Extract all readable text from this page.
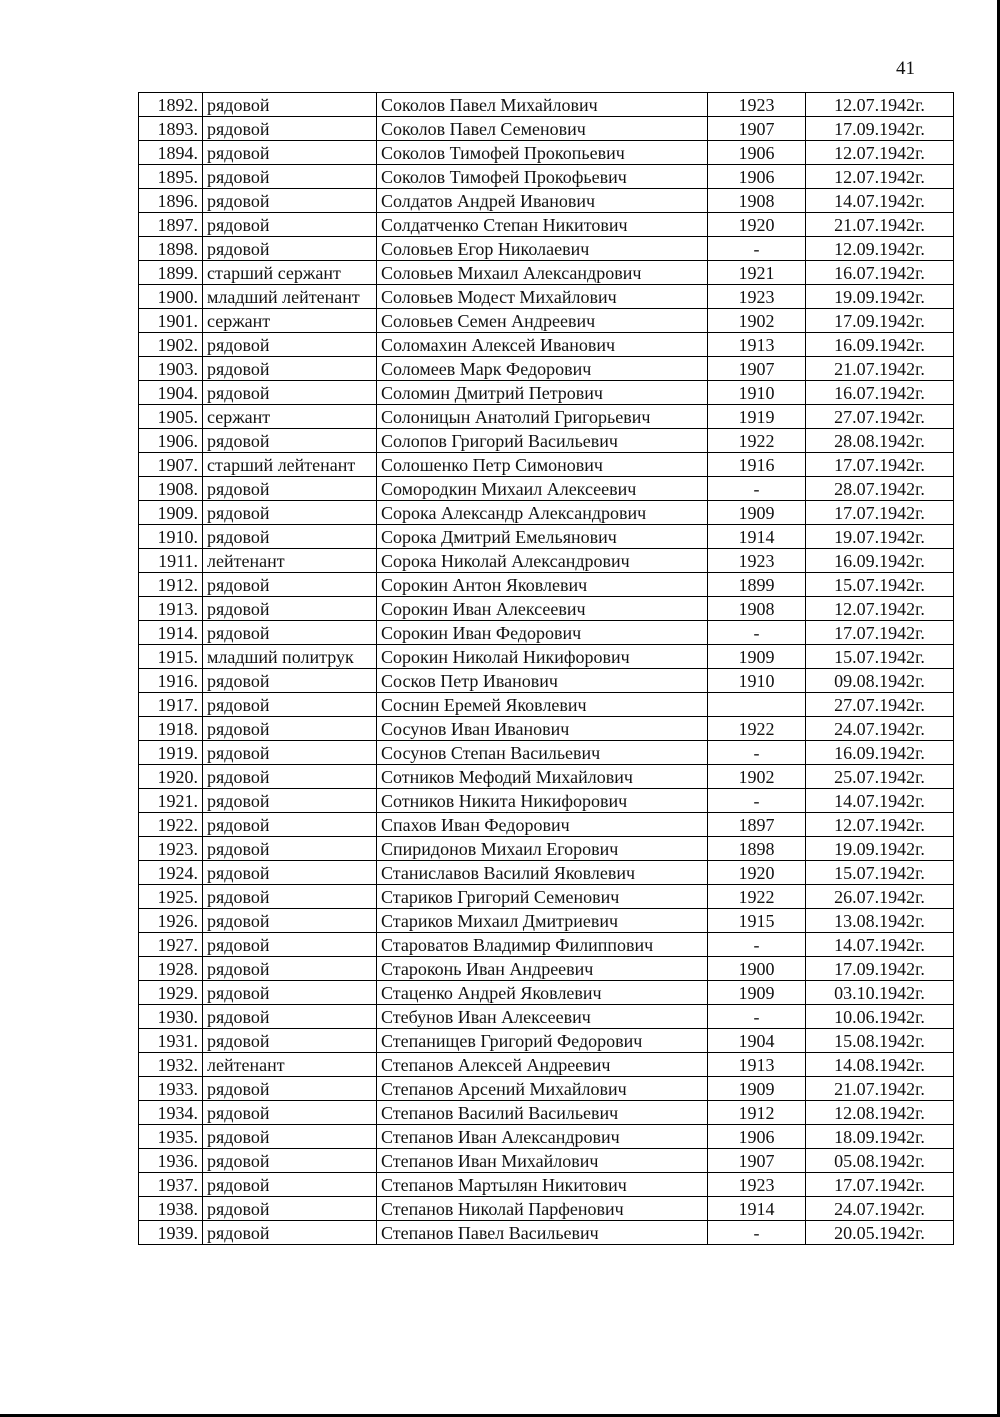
41
1892.	рядовой	Соколов Павел Михайлович	1923	12.07.1942г.
1893.	рядовой	Соколов Павел Семенович	1907	17.09.1942г.
1894.	рядовой	Соколов Тимофей Прокопьевич	1906	12.07.1942г.
1895.	рядовой	Соколов Тимофей Прокофьевич	1906	12.07.1942г.
1896.	рядовой	Солдатов Андрей Иванович	1908	14.07.1942г.
1897.	рядовой	Солдатченко Степан Никитович	1920	21.07.1942г.
1898.	рядовой	Соловьев Егор Николаевич	-	12.09.1942г.
1899.	старший сержант	Соловьев Михаил Александрович	1921	16.07.1942г.
1900.	младший лейтенант	Соловьев Модест Михайлович	1923	19.09.1942г.
1901.	сержант	Соловьев Семен Андреевич	1902	17.09.1942г.
1902.	рядовой	Соломахин Алексей Иванович	1913	16.09.1942г.
1903.	рядовой	Соломеев Марк Федорович	1907	21.07.1942г.
1904.	рядовой	Соломин Дмитрий Петрович	1910	16.07.1942г.
1905.	сержант	Солоницын Анатолий Григорьевич	1919	27.07.1942г.
1906.	рядовой	Солопов Григорий Васильевич	1922	28.08.1942г.
1907.	старший лейтенант	Солошенко Петр Симонович	1916	17.07.1942г.
1908.	рядовой	Сомородкин Михаил Алексеевич	-	28.07.1942г.
1909.	рядовой	Сорока Александр Александрович	1909	17.07.1942г.
1910.	рядовой	Сорока Дмитрий Емельянович	1914	19.07.1942г.
1911.	лейтенант	Сорока Николай Александрович	1923	16.09.1942г.
1912.	рядовой	Сорокин Антон Яковлевич	1899	15.07.1942г.
1913.	рядовой	Сорокин Иван Алексеевич	1908	12.07.1942г.
1914.	рядовой	Сорокин Иван Федорович	-	17.07.1942г.
1915.	младший политрук	Сорокин Николай Никифорович	1909	15.07.1942г.
1916.	рядовой	Сосков Петр Иванович	1910	09.08.1942г.
1917.	рядовой	Соснин Еремей Яковлевич		27.07.1942г.
1918.	рядовой	Сосунов Иван Иванович	1922	24.07.1942г.
1919.	рядовой	Сосунов Степан Васильевич	-	16.09.1942г.
1920.	рядовой	Сотников Мефодий Михайлович	1902	25.07.1942г.
1921.	рядовой	Сотников Никита Никифорович	-	14.07.1942г.
1922.	рядовой	Спахов Иван Федорович	1897	12.07.1942г.
1923.	рядовой	Спиридонов Михаил Егорович	1898	19.09.1942г.
1924.	рядовой	Станиславов Василий Яковлевич	1920	15.07.1942г.
1925.	рядовой	Стариков Григорий Семенович	1922	26.07.1942г.
1926.	рядовой	Стариков Михаил Дмитриевич	1915	13.08.1942г.
1927.	рядовой	Старовaтов Владимир Филиппович	-	14.07.1942г.
1928.	рядовой	Староконь Иван Андреевич	1900	17.09.1942г.
1929.	рядовой	Стаценко Андрей Яковлевич	1909	03.10.1942г.
1930.	рядовой	Стебунов Иван Алексеевич	-	10.06.1942г.
1931.	рядовой	Степанищев Григорий Федорович	1904	15.08.1942г.
1932.	лейтенант	Степанов Алексей Андреевич	1913	14.08.1942г.
1933.	рядовой	Степанов Арсений Михайлович	1909	21.07.1942г.
1934.	рядовой	Степанов Василий Васильевич	1912	12.08.1942г.
1935.	рядовой	Степанов Иван Александрович	1906	18.09.1942г.
1936.	рядовой	Степанов Иван Михайлович	1907	05.08.1942г.
1937.	рядовой	Степанов Мартылян Никитович	1923	17.07.1942г.
1938.	рядовой	Степанов Николай Парфенович	1914	24.07.1942г.
1939.	рядовой	Степанов Павел Васильевич	-	20.05.1942г.
